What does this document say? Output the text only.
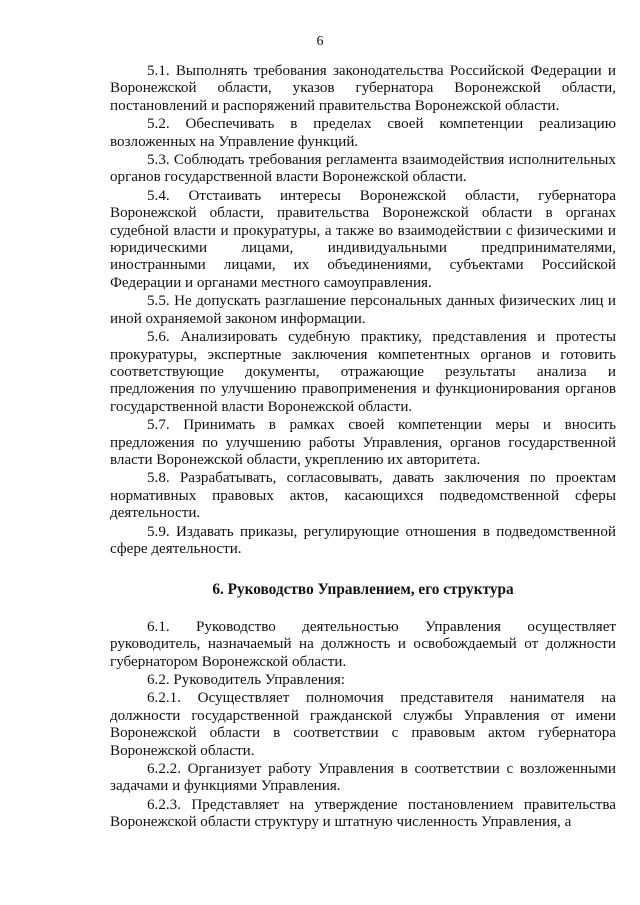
6

5.1. Выполнять требования законодательства Российской Федерации и Воронежской области, указов губернатора Воронежской области, постановлений и распоряжений правительства Воронежской области.

5.2. Обеспечивать в пределах своей компетенции реализацию возложенных на Управление функций.

5.3. Соблюдать требования регламента взаимодействия исполнительных органов государственной власти Воронежской области.

5.4. Отстаивать интересы Воронежской области, губернатора Воронежской области, правительства Воронежской области в органах судебной власти и прокуратуры, а также во взаимодействии с физическими и юридическими лицами, индивидуальными предпринимателями, иностранными лицами, их объединениями, субъектами Российской Федерации и органами местного самоуправления.

5.5. Не допускать разглашение персональных данных физических лиц и иной охраняемой законом информации.

5.6. Анализировать судебную практику, представления и протесты прокуратуры, экспертные заключения компетентных органов и готовить соответствующие документы, отражающие результаты анализа и предложения по улучшению правоприменения и функционирования органов государственной власти Воронежской области.

5.7. Принимать в рамках своей компетенции меры и вносить предложения по улучшению работы Управления, органов государственной власти Воронежской области, укреплению их авторитета.

5.8. Разрабатывать, согласовывать, давать заключения по проектам нормативных правовых актов, касающихся подведомственной сферы деятельности.

5.9. Издавать приказы, регулирующие отношения в подведомственной сфере деятельности.

6. Руководство Управлением, его структура

6.1. Руководство деятельностью Управления осуществляет руководитель, назначаемый на должность и освобождаемый от должности губернатором Воронежской области.

6.2. Руководитель Управления:

6.2.1. Осуществляет полномочия представителя нанимателя на должности государственной гражданской службы Управления от имени Воронежской области в соответствии с правовым актом губернатора Воронежской области.

6.2.2. Организует работу Управления в соответствии с возложенными задачами и функциями Управления.

6.2.3. Представляет на утверждение постановлением правительства Воронежской области структуру и штатную численность Управления, а
